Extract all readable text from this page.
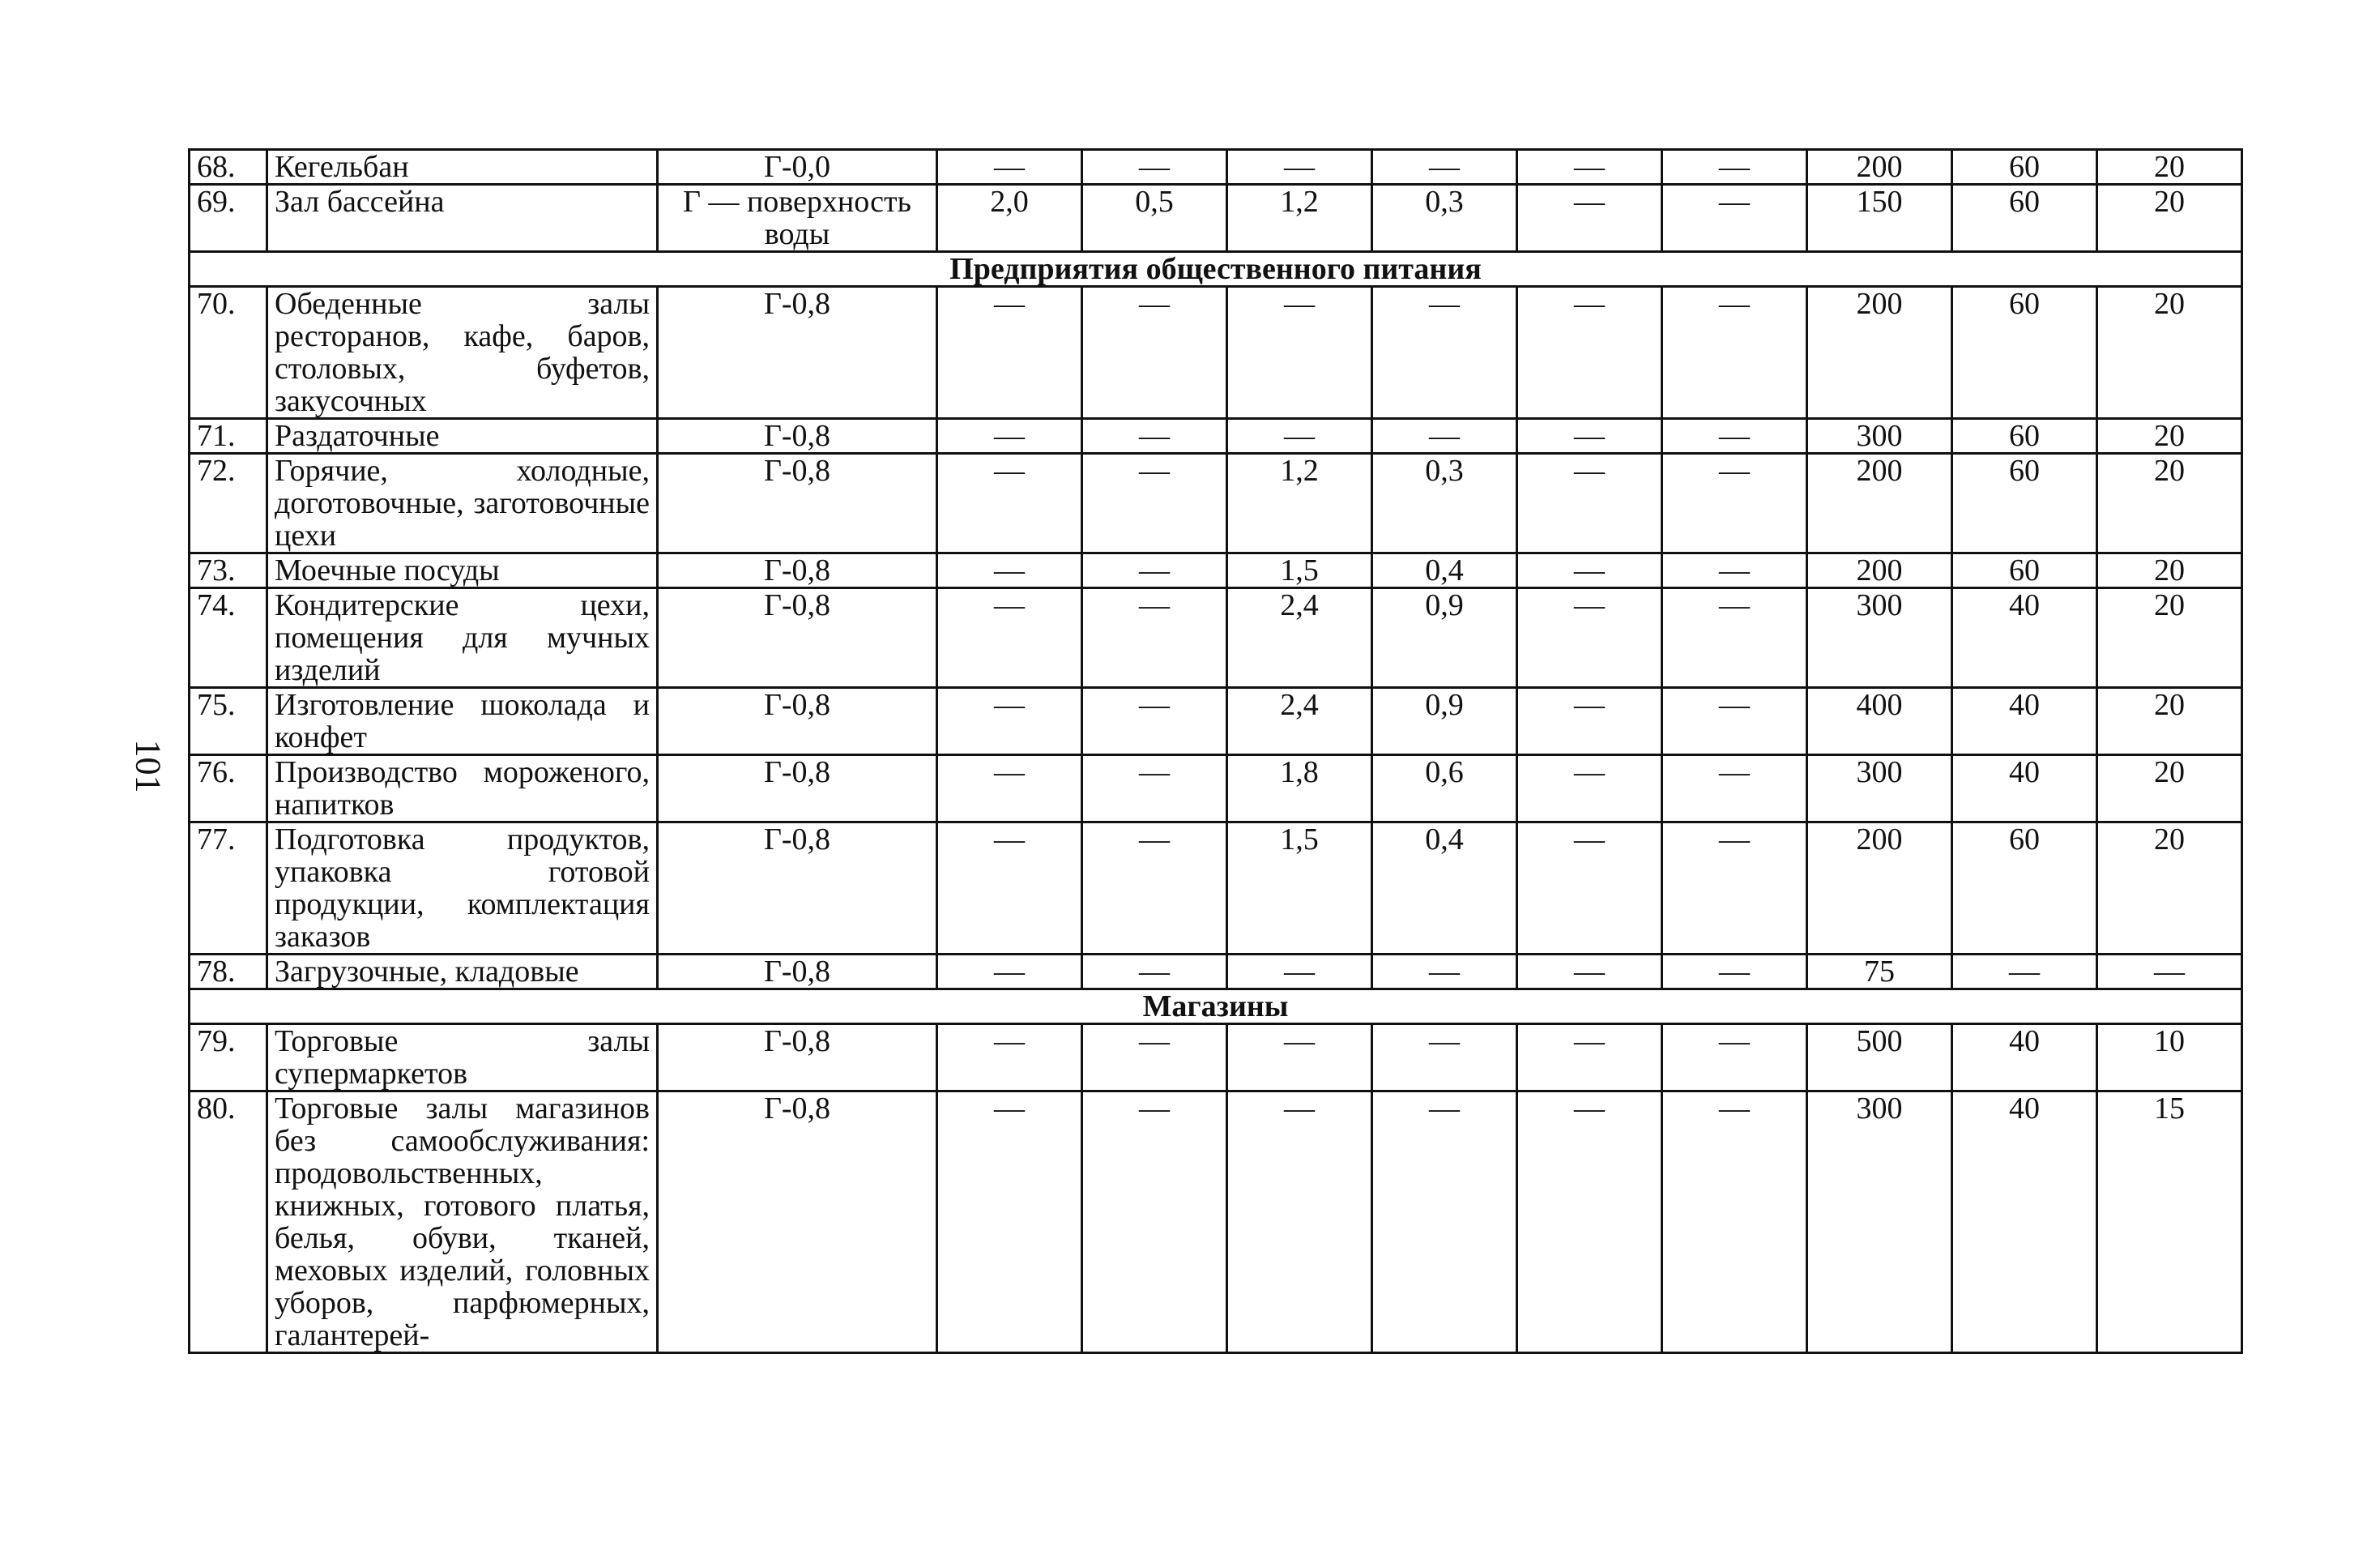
101
68.	Кегельбан	Г-0,0	—	—	—	—	—	—	200	60	20
69.	Зал бассейна	Г — поверхность воды	2,0	0,5	1,2	0,3	—	—	150	60	20
Предприятия общественного питания											
70.	Обеденные залы ресторанов, кафе, баров, столовых, буфетов, закусочных	Г-0,8	—	—	—	—	—	—	200	60	20
71.	Раздаточные	Г-0,8	—	—	—	—	—	—	300	60	20
72.	Горячие, холодные, доготовочные, заготовочные цехи	Г-0,8	—	—	1,2	0,3	—	—	200	60	20
73.	Моечные посуды	Г-0,8	—	—	1,5	0,4	—	—	200	60	20
74.	Кондитерские цехи, помещения для мучных изделий	Г-0,8	—	—	2,4	0,9	—	—	300	40	20
75.	Изготовление шоколада и конфет	Г-0,8	—	—	2,4	0,9	—	—	400	40	20
76.	Производство мороженого, напитков	Г-0,8	—	—	1,8	0,6	—	—	300	40	20
77.	Подготовка продуктов, упаковка готовой продукции, комплектация заказов	Г-0,8	—	—	1,5	0,4	—	—	200	60	20
78.	Загрузочные, кладовые	Г-0,8	—	—	—	—	—	—	75	—	—
Магазины											
79.	Торговые залы супермаркетов	Г-0,8	—	—	—	—	—	—	500	40	10
80.	Торговые залы магазинов без самообслуживания: продовольственных, книжных, готового платья, белья, обуви, тканей, меховых изделий, головных уборов, парфюмерных, галантерей-	Г-0,8	—	—	—	—	—	—	300	40	15
